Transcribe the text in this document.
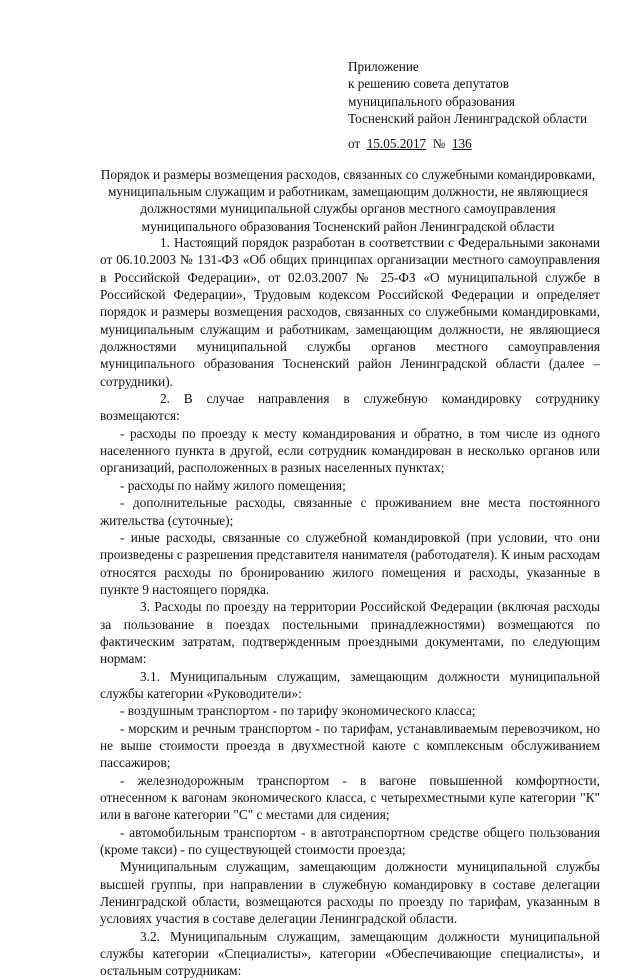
Приложение
к решению совета депутатов
муниципального образования
Тосненский район Ленинградской области
от 15.05.2017 № 136
Порядок и размеры возмещения расходов, связанных со служебными командировками,
муниципальным служащим и работникам, замещающим должности, не являющиеся
должностями муниципальной службы органов местного самоуправления
муниципального образования Тосненский район Ленинградской области

1. Настоящий порядок разработан в соответствии с Федеральными законами от 06.10.2003 № 131-ФЗ «Об общих принципах организации местного самоуправления в Российской Федерации», от 02.03.2007 № 25-ФЗ «О муниципальной службе в Российской Федерации», Трудовым кодексом Российской Федерации и определяет порядок и размеры возмещения расходов, связанных со служебными командировками, муниципальным служащим и работникам, замещающим должности, не являющиеся должностями муниципальной службы органов местного самоуправления муниципального образования Тосненский район Ленинградской области (далее – сотрудники).

2. В случае направления в служебную командировку сотруднику возмещаются:

- расходы по проезду к месту командирования и обратно, в том числе из одного населенного пункта в другой, если сотрудник командирован в несколько органов или организаций, расположенных в разных населенных пунктах;

- расходы по найму жилого помещения;

- дополнительные расходы, связанные с проживанием вне места постоянного жительства (суточные);

- иные расходы, связанные со служебной командировкой (при условии, что они произведены с разрешения представителя нанимателя (работодателя). К иным расходам относятся расходы по бронированию жилого помещения и расходы, указанные в пункте 9 настоящего порядка.

3. Расходы по проезду на территории Российской Федерации (включая расходы за пользование в поездах постельными принадлежностями) возмещаются по фактическим затратам, подтвержденным проездными документами, по следующим нормам:

3.1. Муниципальным служащим, замещающим должности муниципальной службы категории «Руководители»:

- воздушным транспортом - по тарифу экономического класса;

- морским и речным транспортом - по тарифам, устанавливаемым перевозчиком, но не выше стоимости проезда в двухместной каюте с комплексным обслуживанием пассажиров;

- железнодорожным транспортом - в вагоне повышенной комфортности, отнесенном к вагонам экономического класса, с четырехместными купе категории "К" или в вагоне категории "С" с местами для сидения;

- автомобильным транспортом - в автотранспортном средстве общего пользования (кроме такси) - по существующей стоимости проезда;

Муниципальным служащим, замещающим должности муниципальной службы высшей группы, при направлении в служебную командировку в составе делегации Ленинградской области, возмещаются расходы по проезду по тарифам, указанным в условиях участия в составе делегации Ленинградской области.

3.2. Муниципальным служащим, замещающим должности муниципальной службы категории «Специалисты», категории «Обеспечивающие специалисты», и остальным сотрудникам:
